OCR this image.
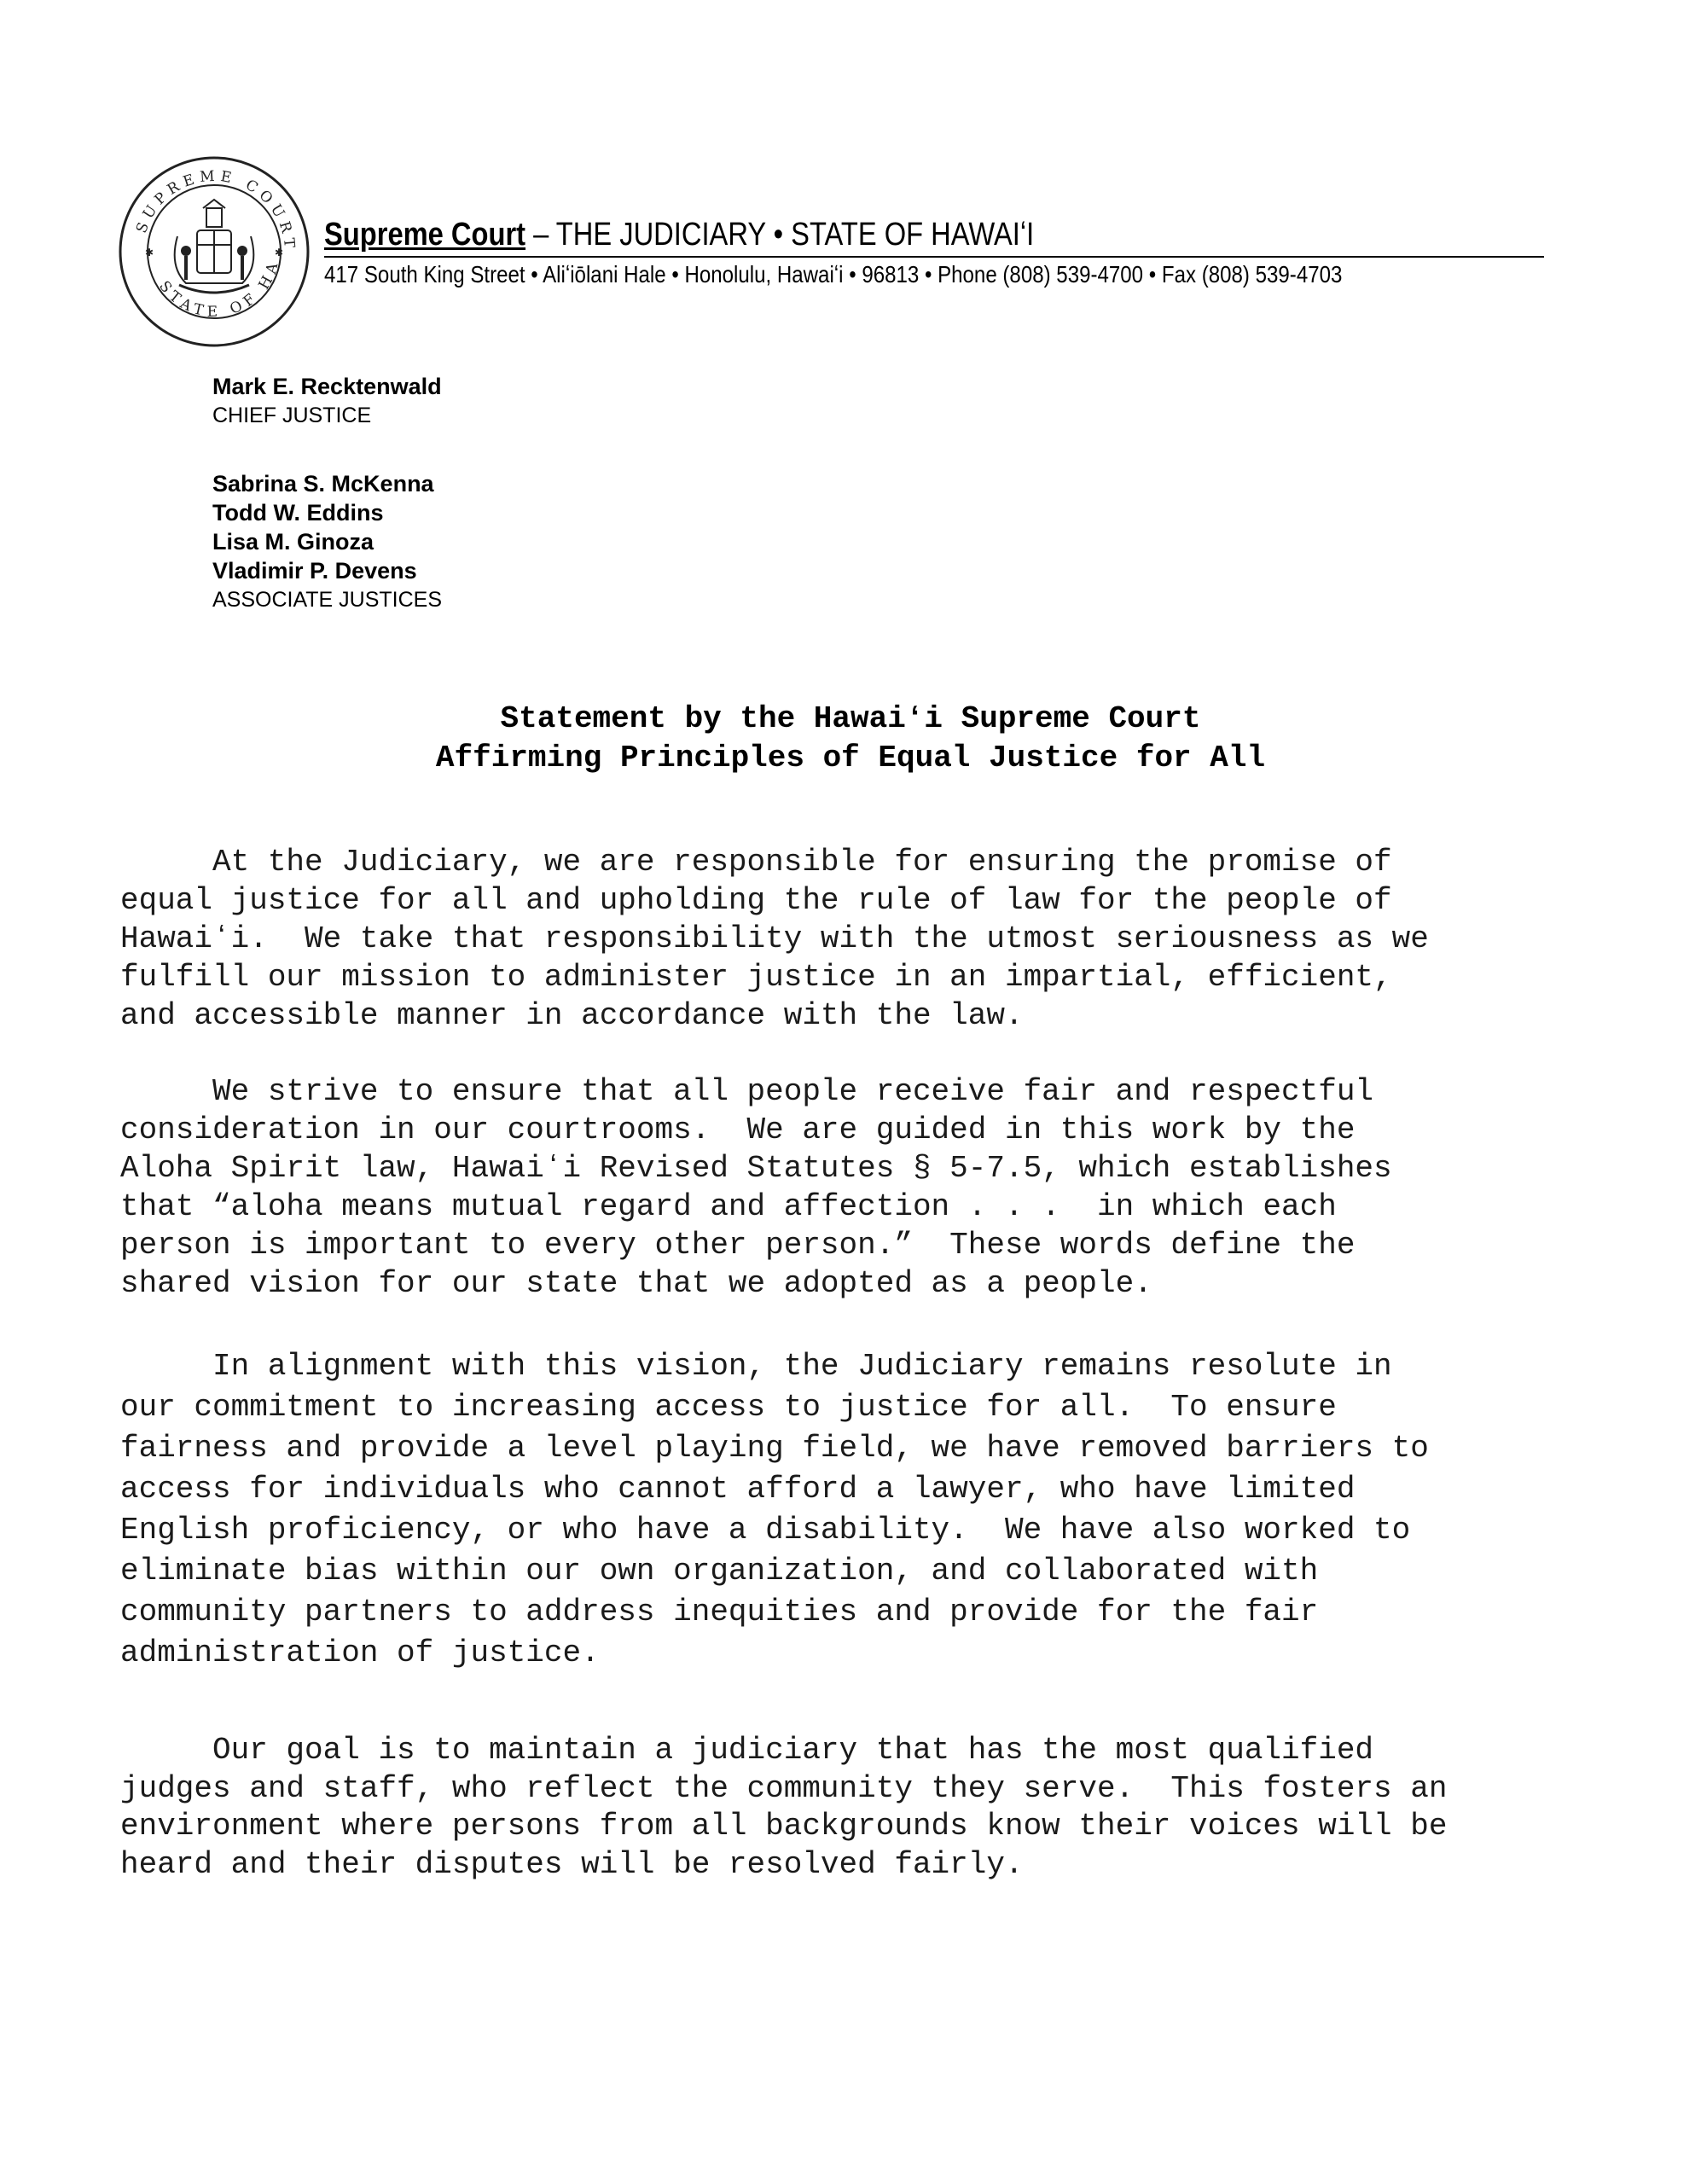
SUPREME COURT
STATE OF HA
✱	✱ Supreme Court – THE JUDICIARY • STATE OF HAWAIʻI
417 South King Street • Aliʻiōlani Hale • Honolulu, Hawaiʻi • 96813 • Phone (808) 539-4700 • Fax (808) 539-4703
Mark E. Recktenwald
CHIEF JUSTICE
Sabrina S. McKenna
Todd W. Eddins
Lisa M. Ginoza
Vladimir P. Devens
ASSOCIATE JUSTICES
Statement by the Hawaiʻi Supreme Court
Affirming Principles of Equal Justice for All
At the Judiciary, we are responsible for ensuring the promise of
equal justice for all and upholding the rule of law for the people of
Hawaiʻi.  We take that responsibility with the utmost seriousness as we
fulfill our mission to administer justice in an impartial, efficient,
and accessible manner in accordance with the law.
We strive to ensure that all people receive fair and respectful
consideration in our courtrooms.  We are guided in this work by the
Aloha Spirit law, Hawaiʻi Revised Statutes § 5-7.5, which establishes
that “aloha means mutual regard and affection . . .  in which each
person is important to every other person.”  These words define the
shared vision for our state that we adopted as a people.
In alignment with this vision, the Judiciary remains resolute in
our commitment to increasing access to justice for all.  To ensure
fairness and provide a level playing field, we have removed barriers to
access for individuals who cannot afford a lawyer, who have limited
English proficiency, or who have a disability.  We have also worked to
eliminate bias within our own organization, and collaborated with
community partners to address inequities and provide for the fair
administration of justice.
Our goal is to maintain a judiciary that has the most qualified
judges and staff, who reflect the community they serve.  This fosters an
environment where persons from all backgrounds know their voices will be
heard and their disputes will be resolved fairly.
